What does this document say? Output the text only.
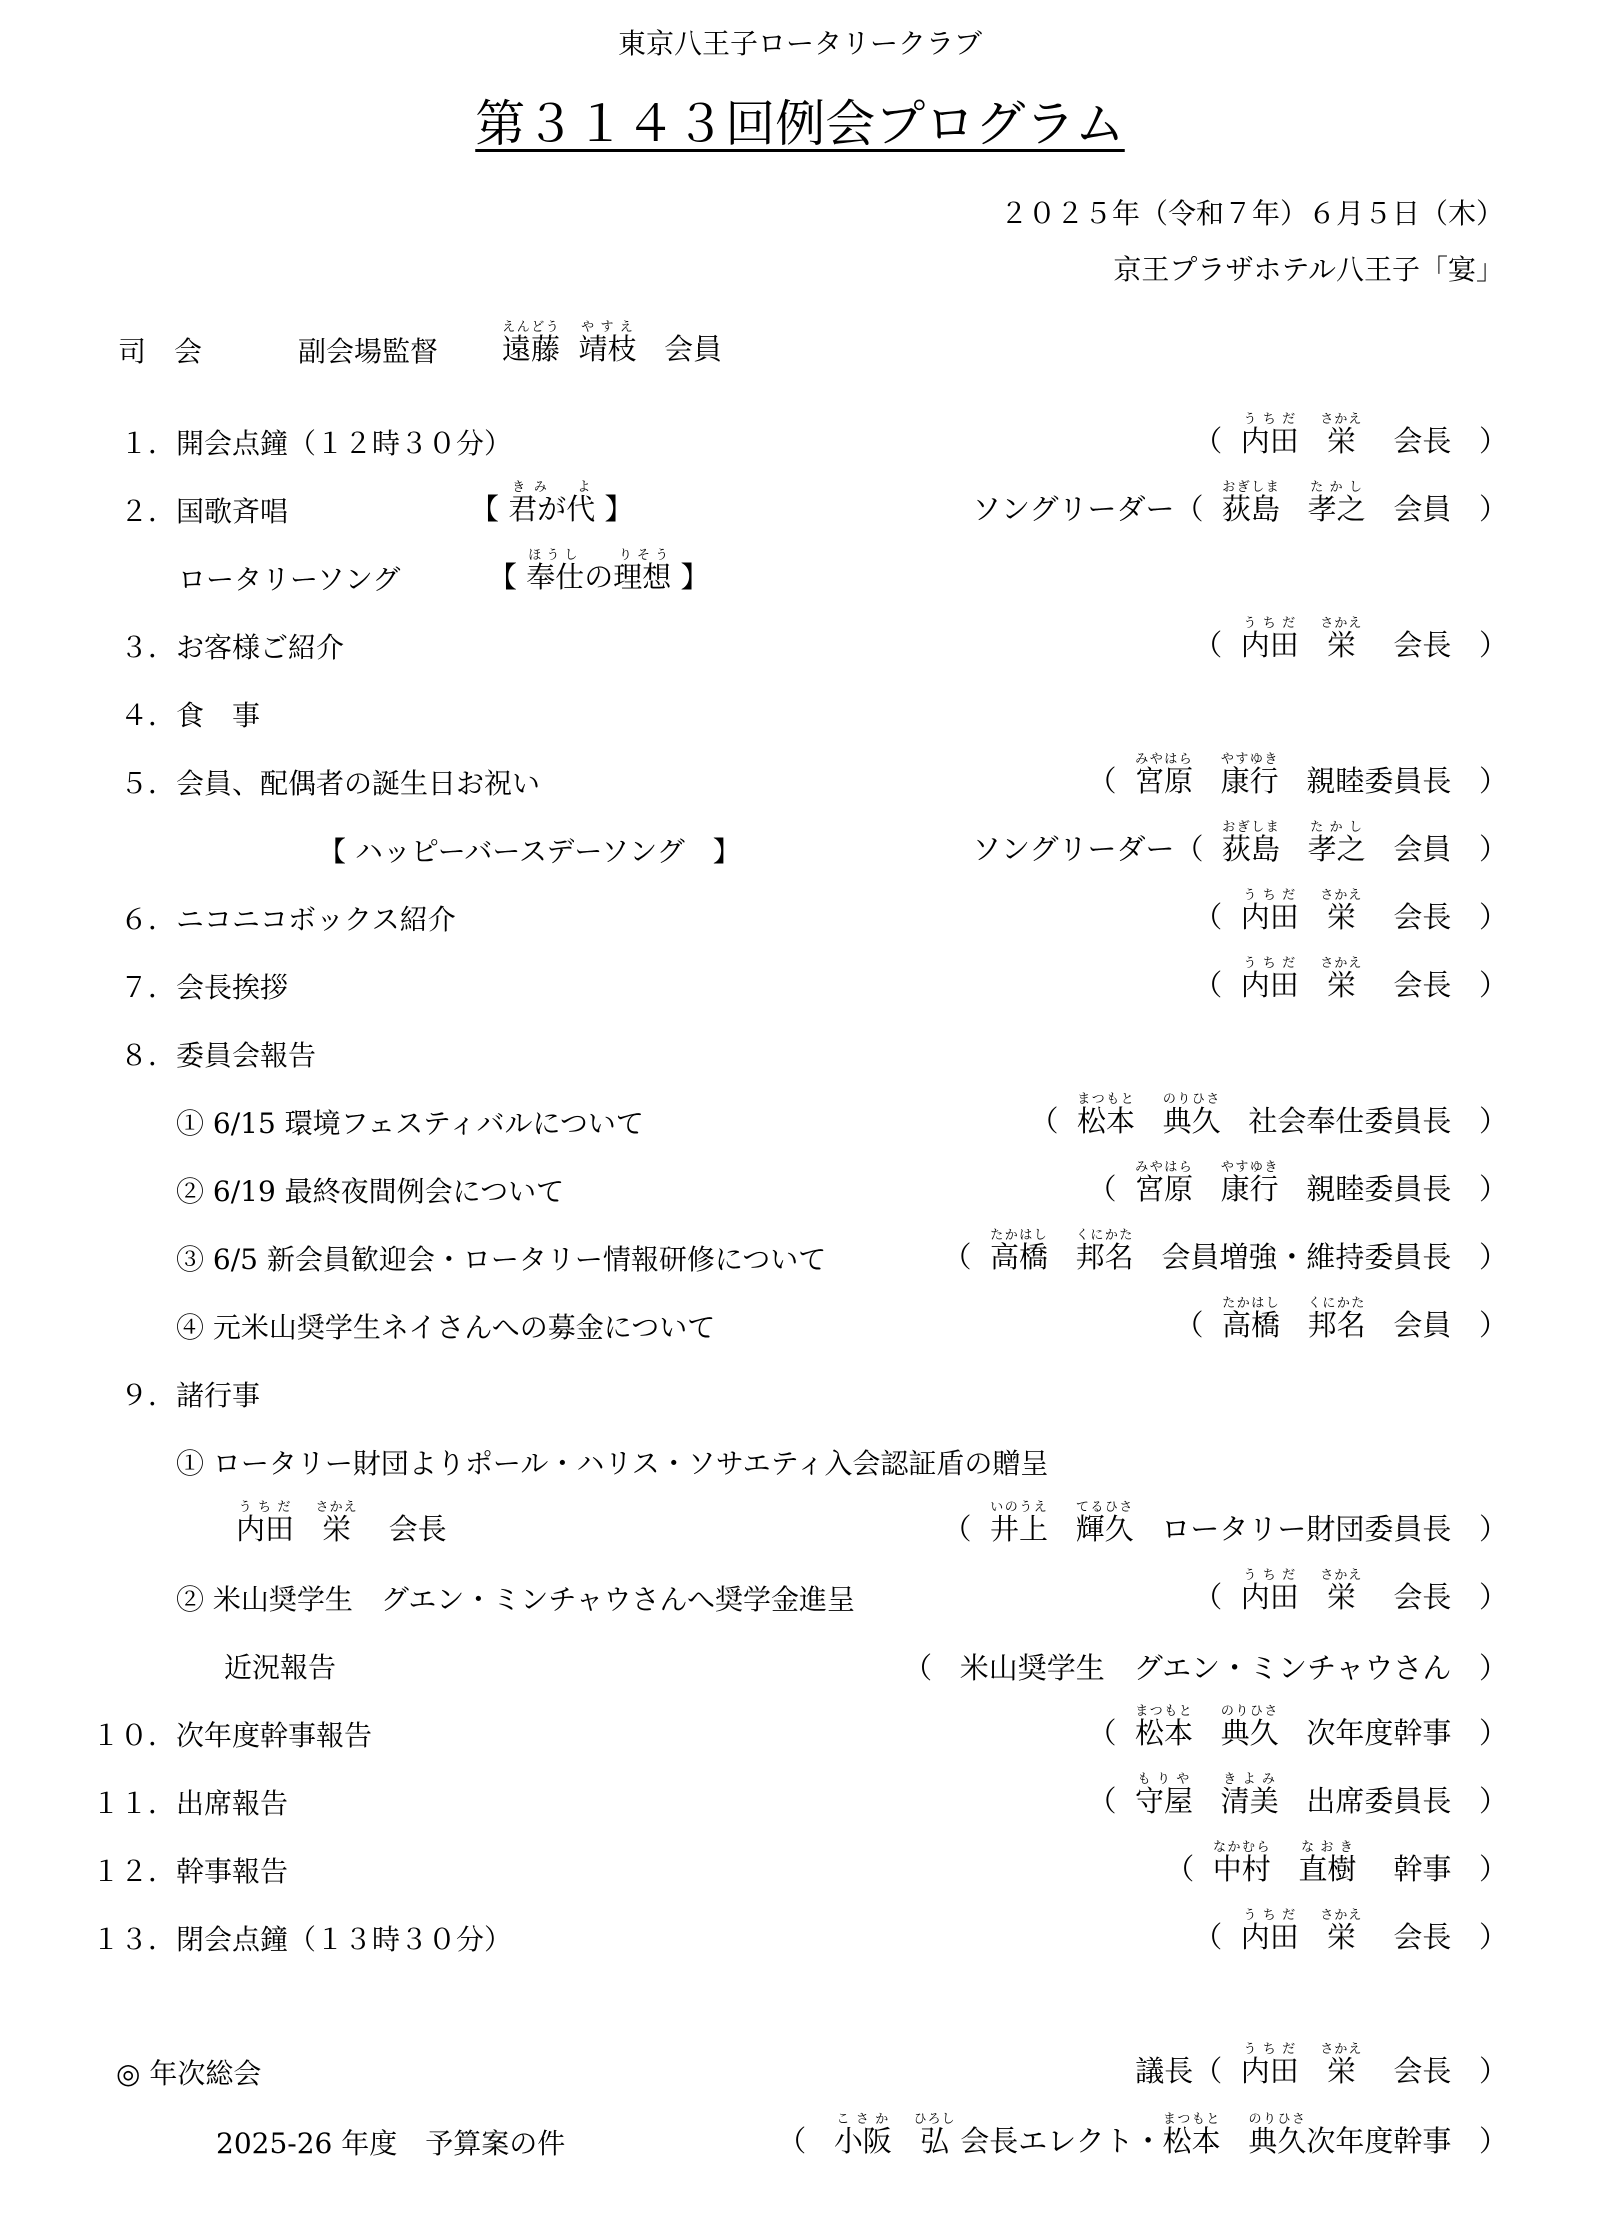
東京八王子ロータリークラブ
第３１４３回例会プログラム
２０２５年（令和７年）６月５日（木）
京王プラザホテル八王子「宴」
司　会	副会場監督 遠藤えんどう  靖枝やすえ   会員
１．開会点鐘（１２時３０分）	（ 内田うちだ   栄さかえ    会長 ）
２．国歌斉唱	【 君が代きみ　よ 】	ソングリーダー（ 荻島おぎしま   孝之たかし   会員 ）
ロータリーソング	【 奉仕の理想ほうし　　りそう 】
３．お客様ご紹介	（ 内田うちだ   栄さかえ    会長 ）
４．食　事
５．会員、配偶者の誕生日お祝い	（ 宮原みやはら   康行やすゆき   親睦委員長 ）
【 ハッピーバースデーソング　】	ソングリーダー（ 荻島おぎしま   孝之たかし   会員 ）
６．ニコニコボックス紹介	（ 内田うちだ   栄さかえ    会長 ）
７．会長挨拶	（ 内田うちだ   栄さかえ    会長 ）
８．委員会報告
① 6/15 環境フェスティバルについて	（ 松本まつもと   典久のりひさ   社会奉仕委員長 ）
② 6/19 最終夜間例会について	（ 宮原みやはら   康行やすゆき   親睦委員長 ）
③ 6/5 新会員歓迎会・ロータリー情報研修について	（ 高橋たかはし   邦名くにかた   会員増強・維持委員長 ）
④ 元米山奨学生ネイさんへの募金について	（ 高橋たかはし   邦名くにかた   会員 ）
９．諸行事
① ロータリー財団よりポール・ハリス・ソサエティ入会認証盾の贈呈
内田うちだ   栄さかえ    会長	（ 井上いのうえ   輝久てるひさ   ロータリー財団委員長 ）
② 米山奨学生　グエン・ミンチャウさんへ奨学金進呈	（ 内田うちだ   栄さかえ    会長 ）
近況報告	（ 米山奨学生　グエン・ミンチャウさん ）
１０．次年度幹事報告	（ 松本まつもと   典久のりひさ   次年度幹事 ）
１１．出席報告	（ 守屋もりや   清美きよみ   出席委員長 ）
１２．幹事報告	（ 中村なかむら   直樹なおき    幹事 ）
１３．閉会点鐘（１３時３０分）	（ 内田うちだ   栄さかえ    会長 ）
◎ 年次総会	議長（ 内田うちだ   栄さかえ    会長 ）
2025-26 年度　予算案の件	（ 小阪こさか   弘ひろし 会長エレクト・松本まつもと   典久のりひさ次年度幹事 ）
